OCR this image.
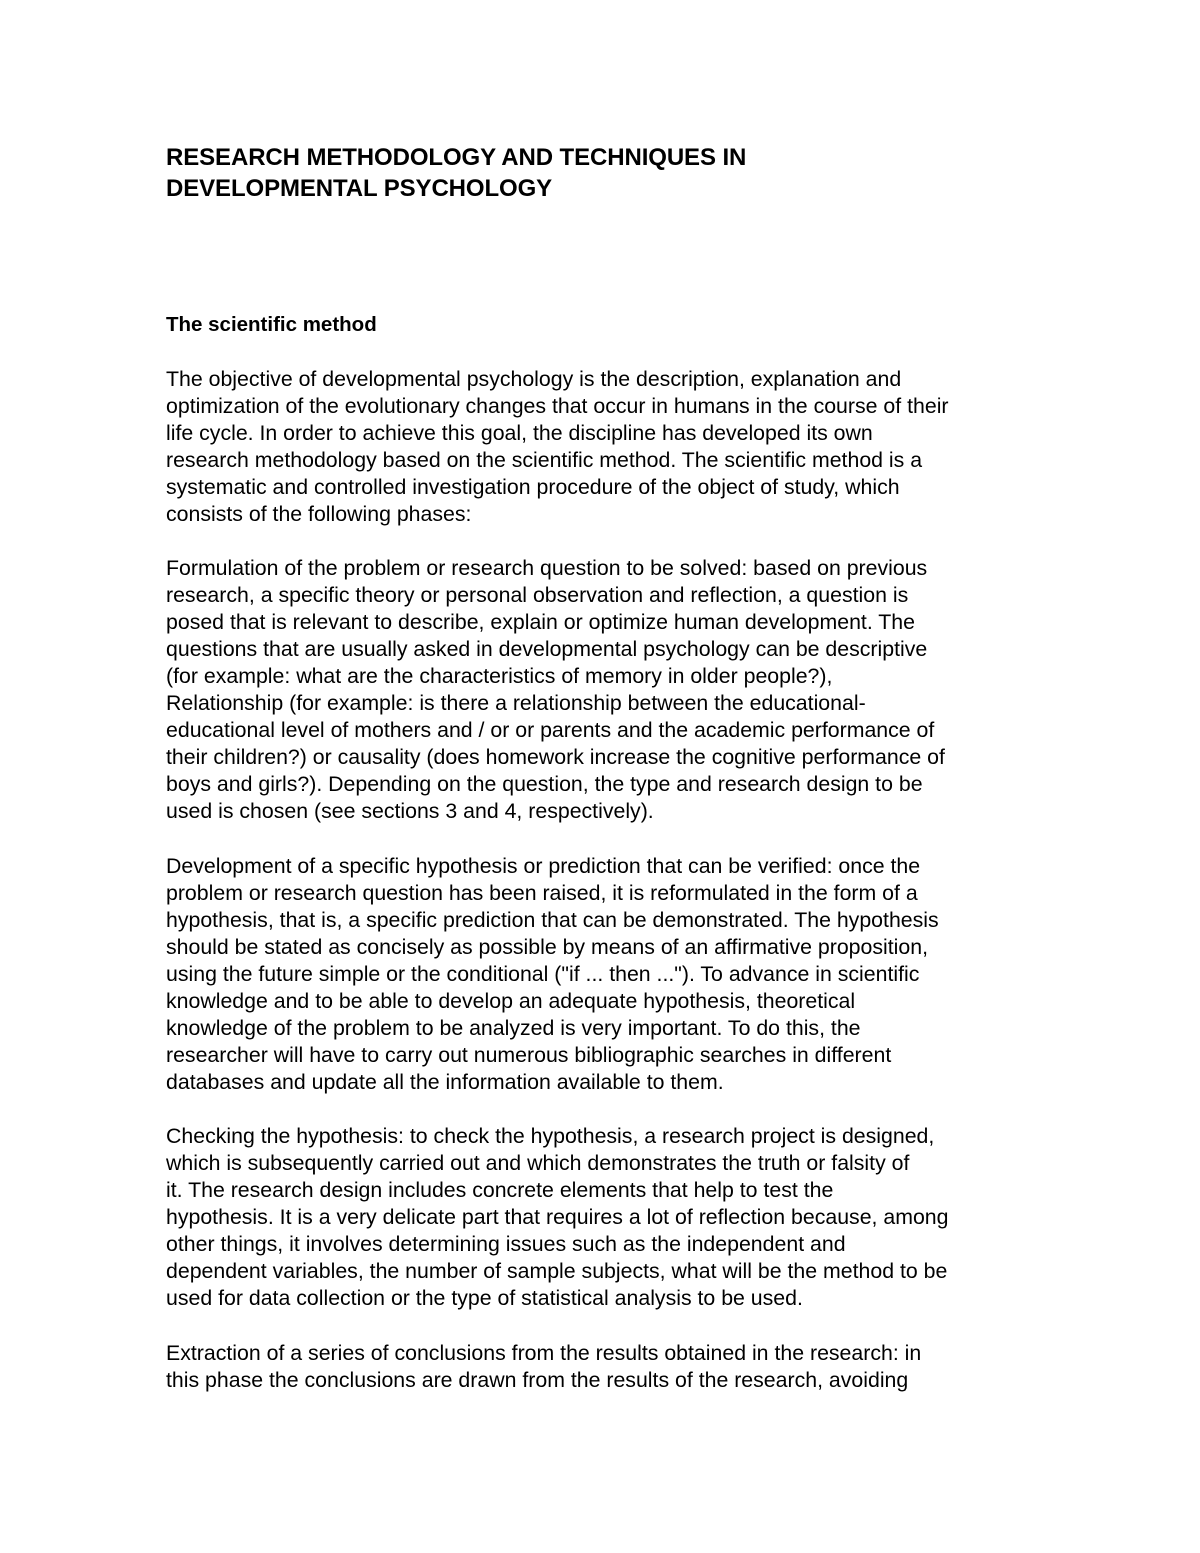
RESEARCH METHODOLOGY AND TECHNIQUES IN
DEVELOPMENTAL PSYCHOLOGY
The scientific method

The objective of developmental psychology is the description, explanation and
optimization of the evolutionary changes that occur in humans in the course of their
life cycle. In order to achieve this goal, the discipline has developed its own
research methodology based on the scientific method. The scientific method is a
systematic and controlled investigation procedure of the object of study, which
consists of the following phases:

Formulation of the problem or research question to be solved: based on previous
research, a specific theory or personal observation and reflection, a question is
posed that is relevant to describe, explain or optimize human development. The
questions that are usually asked in developmental psychology can be descriptive
(for example: what are the characteristics of memory in older people?),
Relationship (for example: is there a relationship between the educational-
educational level of mothers and / or or parents and the academic performance of
their children?) or causality (does homework increase the cognitive performance of
boys and girls?). Depending on the question, the type and research design to be
used is chosen (see sections 3 and 4, respectively).

Development of a specific hypothesis or prediction that can be verified: once the
problem or research question has been raised, it is reformulated in the form of a
hypothesis, that is, a specific prediction that can be demonstrated. The hypothesis
should be stated as concisely as possible by means of an affirmative proposition,
using the future simple or the conditional ("if ... then ..."). To advance in scientific
knowledge and to be able to develop an adequate hypothesis, theoretical
knowledge of the problem to be analyzed is very important. To do this, the
researcher will have to carry out numerous bibliographic searches in different
databases and update all the information available to them.

Checking the hypothesis: to check the hypothesis, a research project is designed,
which is subsequently carried out and which demonstrates the truth or falsity of
it. The research design includes concrete elements that help to test the
hypothesis. It is a very delicate part that requires a lot of reflection because, among
other things, it involves determining issues such as the independent and
dependent variables, the number of sample subjects, what will be the method to be
used for data collection or the type of statistical analysis to be used.

Extraction of a series of conclusions from the results obtained in the research: in
this phase the conclusions are drawn from the results of the research, avoiding
